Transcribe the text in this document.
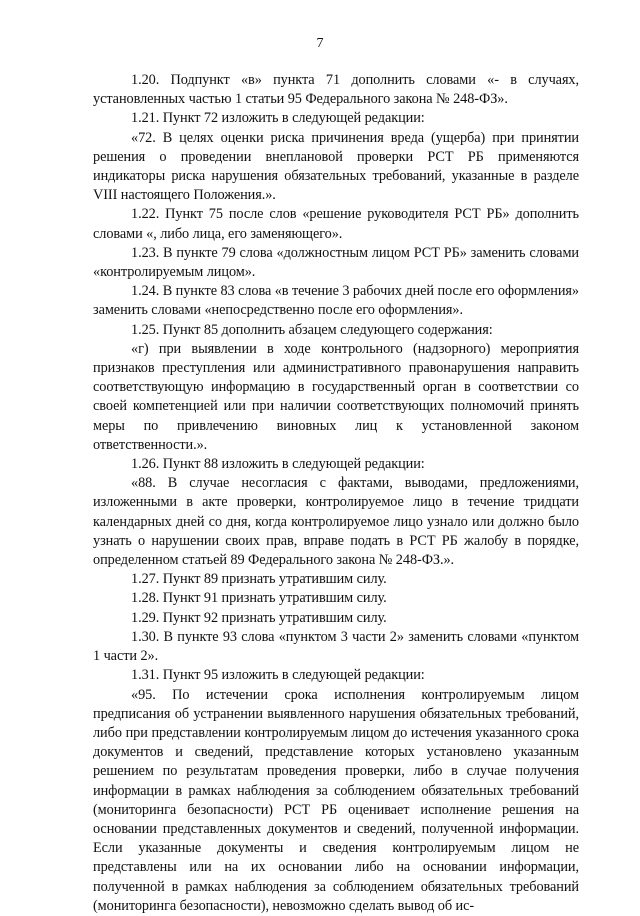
7

1.20. Подпункт «в» пункта 71 дополнить словами «- в случаях, установленных частью 1 статьи 95 Федерального закона № 248-ФЗ».

1.21. Пункт 72 изложить в следующей редакции:

«72. В целях оценки риска причинения вреда (ущерба) при принятии решения о проведении внеплановой проверки РСТ РБ применяются индикаторы риска нарушения обязательных требований, указанные в разделе VIII настоящего Положения.».

1.22. Пункт 75 после слов «решение руководителя РСТ РБ» дополнить словами «, либо лица, его заменяющего».

1.23. В пункте 79 слова «должностным лицом РСТ РБ» заменить словами «контролируемым лицом».

1.24. В пункте 83 слова «в течение 3 рабочих дней после его оформления» заменить словами «непосредственно после его оформления».

1.25. Пункт 85 дополнить абзацем следующего содержания:

«г) при выявлении в ходе контрольного (надзорного) мероприятия признаков преступления или административного правонарушения направить соответствующую информацию в государственный орган в соответствии со своей компетенцией или при наличии соответствующих полномочий принять меры по привлечению виновных лиц к установленной законом ответственности.».

1.26. Пункт 88 изложить в следующей редакции:

«88. В случае несогласия с фактами, выводами, предложениями, изложенными в акте проверки, контролируемое лицо в течение тридцати календарных дней со дня, когда контролируемое лицо узнало или должно было узнать о нарушении своих прав, вправе подать в РСТ РБ жалобу в порядке, определенном статьей 89 Федерального закона № 248-ФЗ.».

1.27. Пункт 89 признать утратившим силу.

1.28. Пункт 91 признать утратившим силу.

1.29. Пункт 92 признать утратившим силу.

1.30. В пункте 93 слова «пунктом 3 части 2» заменить словами «пунктом 1 части 2».

1.31. Пункт 95 изложить в следующей редакции:

«95. По истечении срока исполнения контролируемым лицом предписания об устранении выявленного нарушения обязательных требований, либо при представлении контролируемым лицом до истечения указанного срока документов и сведений, представление которых установлено указанным решением по результатам проведения проверки, либо в случае получения информации в рамках наблюдения за соблюдением обязательных требований (мониторинга безопасности) РСТ РБ оценивает исполнение решения на основании представленных документов и сведений, полученной информации. Если указанные документы и сведения контролируемым лицом не представлены или на их основании либо на основании информации, полученной в рамках наблюдения за соблюдением обязательных требований (мониторинга безопасности), невозможно сделать вывод об ис-
